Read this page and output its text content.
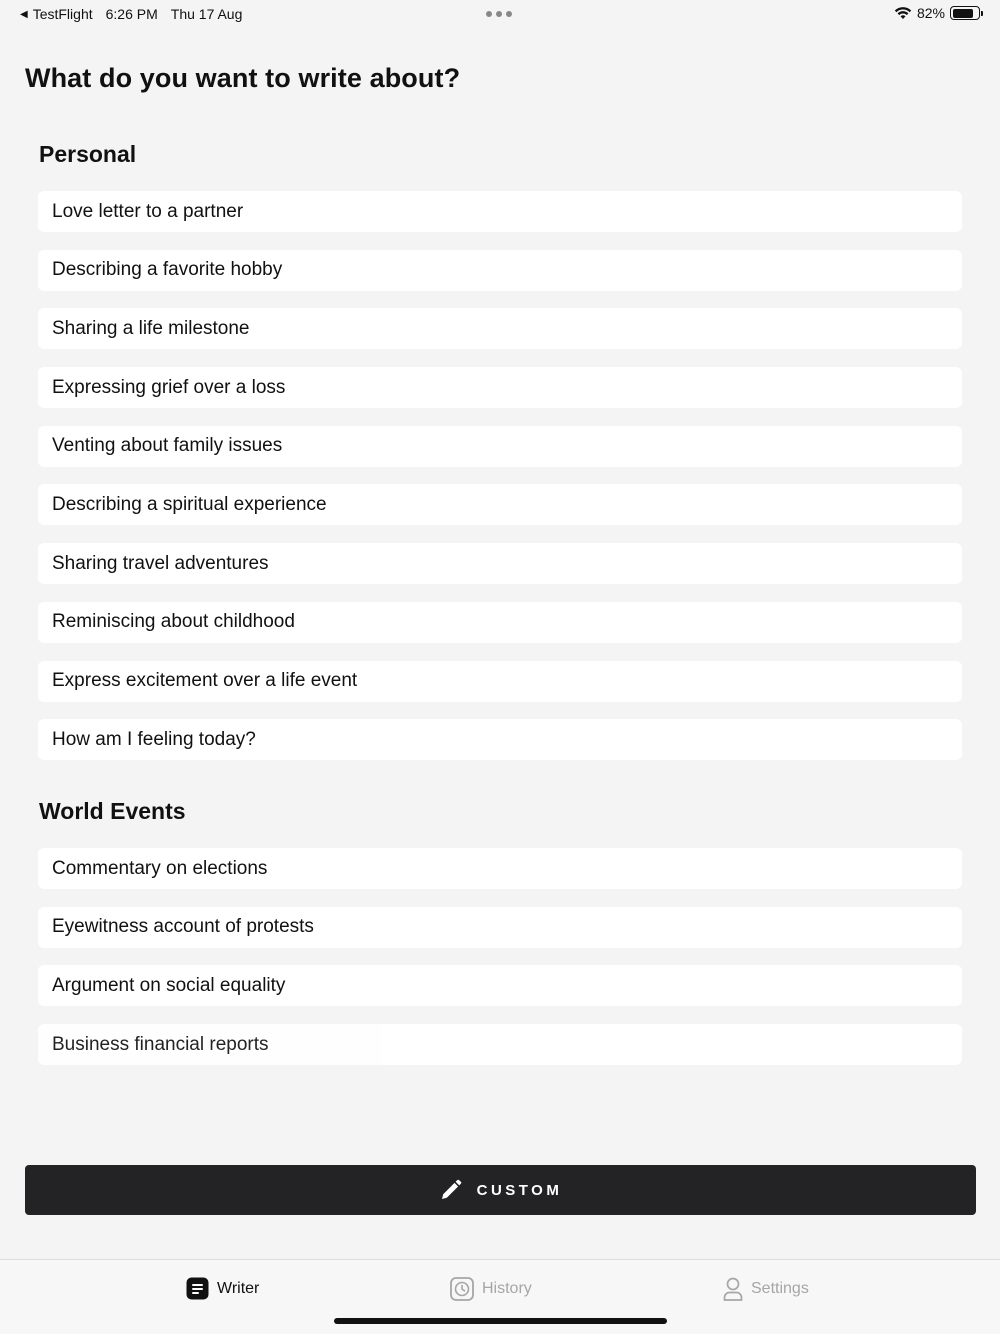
◀ TestFlight 6:26 PM Thu 17 Aug	82%
What do you want to write about?
Personal
Love letter to a partner
Describing a favorite hobby
Sharing a life milestone
Expressing grief over a loss
Venting about family issues
Describing a spiritual experience
Sharing travel adventures
Reminiscing about childhood
Express excitement over a life event
How am I feeling today?
World Events
Commentary on elections
Eyewitness account of protests
Argument on social equality
Business financial reports
CUSTOM
Writer	History	Settings
